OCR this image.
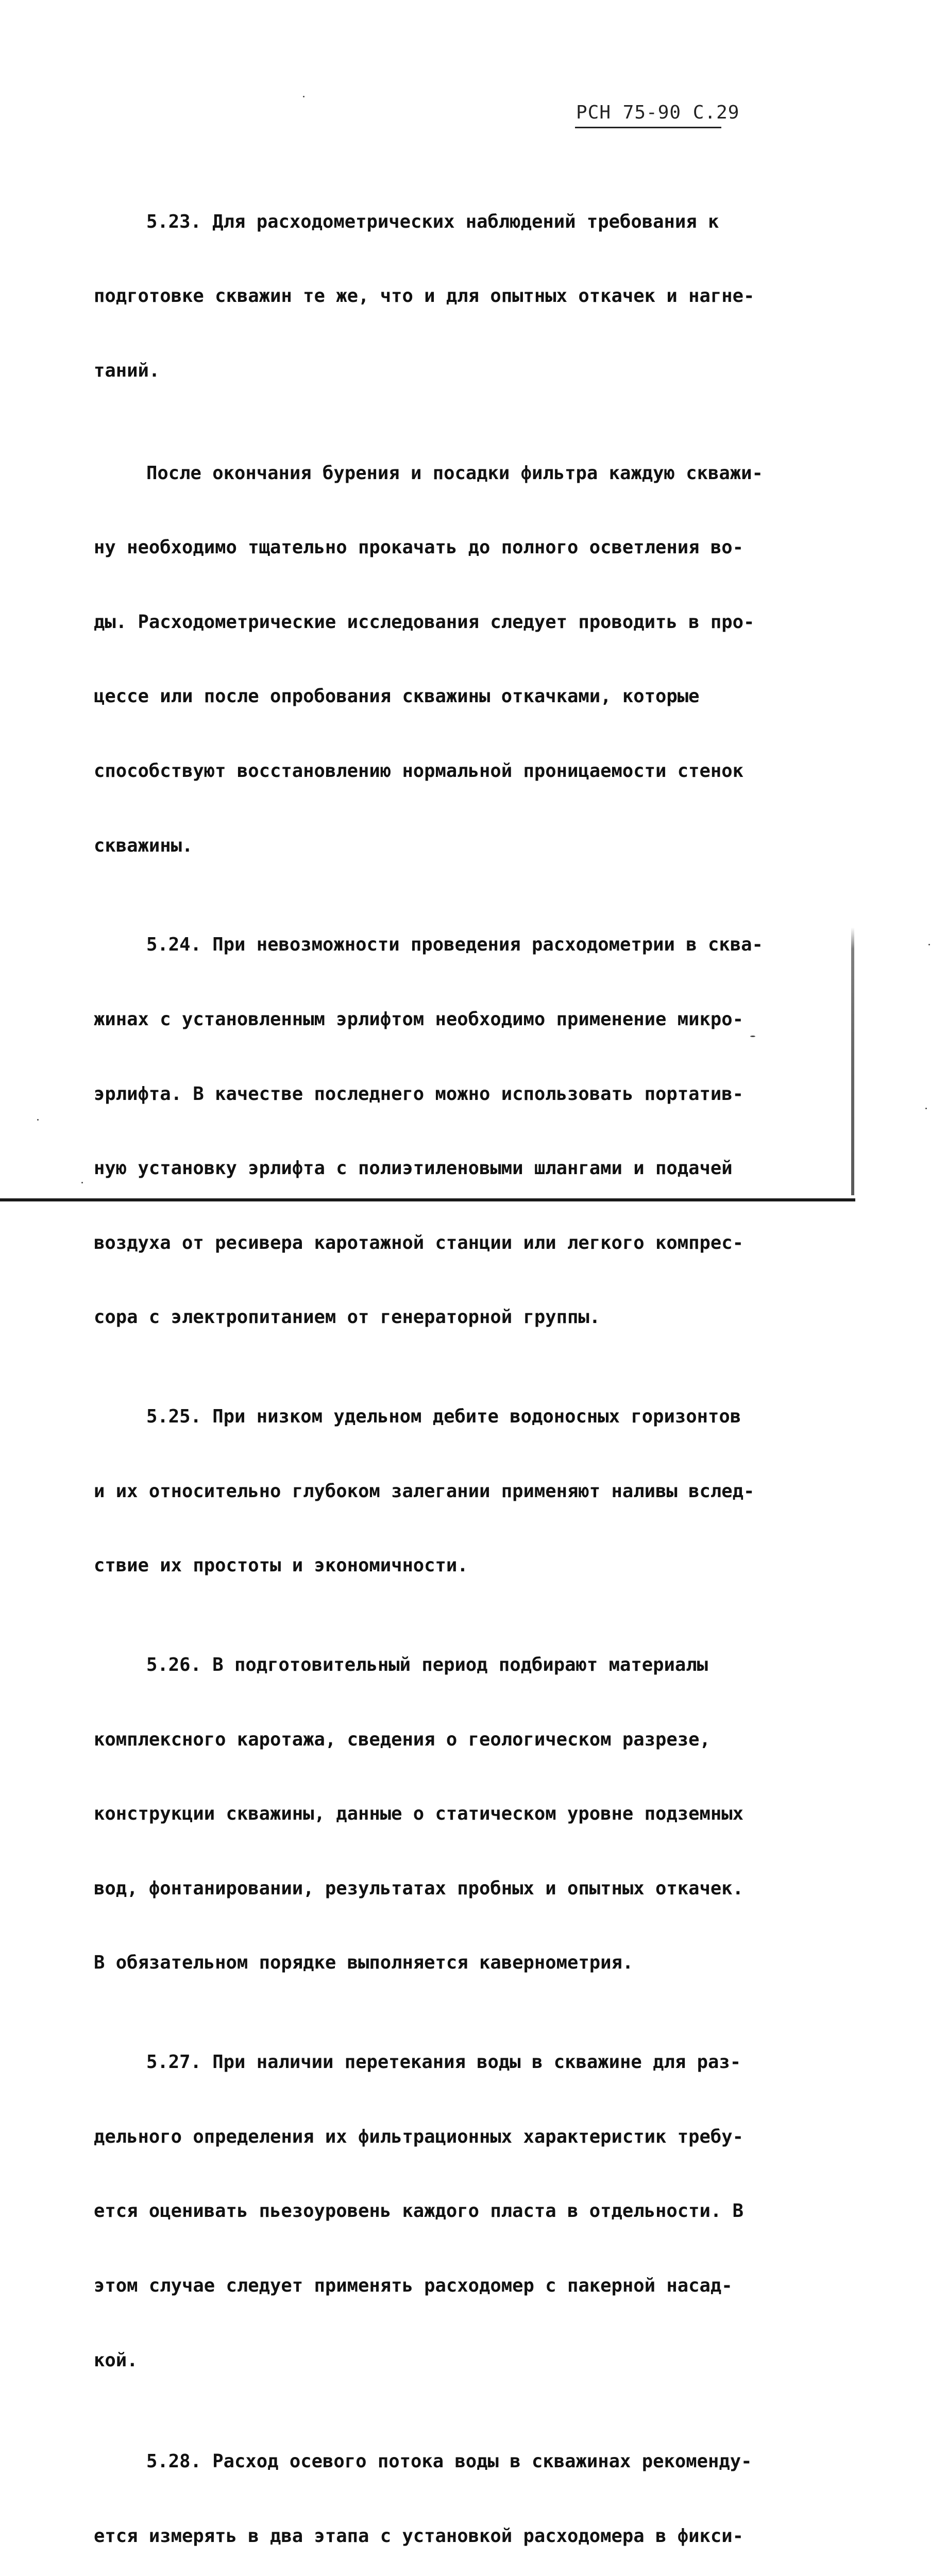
РСН 75-90 С.29

5.23. Для расходометрических наблюдений требования к

подготовке скважин те же, что и для опытных откачек и нагне-

таний.

После окончания бурения и посадки фильтра каждую скважи-

ну необходимо тщательно прокачать до полного осветления во-

ды. Расходометрические исследования следует проводить в про-

цессе или после опробования скважины откачками, которые

способствуют восстановлению нормальной проницаемости стенок

скважины.

5.24. При невозможности проведения расходометрии в сква-

жинах с установленным эрлифтом необходимо применение микро-

эрлифта. В качестве последнего можно использовать портатив-

ную установку эрлифта с полиэтиленовыми шлангами и подачей

воздуха от ресивера каротажной станции или легкого компрес-

сора с электропитанием от генераторной группы.

5.25. При низком удельном дебите водоносных горизонтов

и их относительно глубоком залегании применяют наливы вслед-

ствие их простоты и экономичности.

5.26. В подготовительный период подбирают материалы

комплексного каротажа, сведения о геологическом разрезе,

конструкции скважины, данные о статическом уровне подземных

вод, фонтанировании, результатах пробных и опытных откачек.

В обязательном порядке выполняется кавернометрия.

5.27. При наличии перетекания воды в скважине для раз-

дельного определения их фильтрационных характеристик требу-

ется оценивать пьезоуровень каждого пласта в отдельности. В

этом случае следует применять расходомер с пакерной насад-

кой.

5.28. Расход осевого потока воды в скважинах рекоменду-

ется измерять в два этапа с установкой расходомера в фикси-
